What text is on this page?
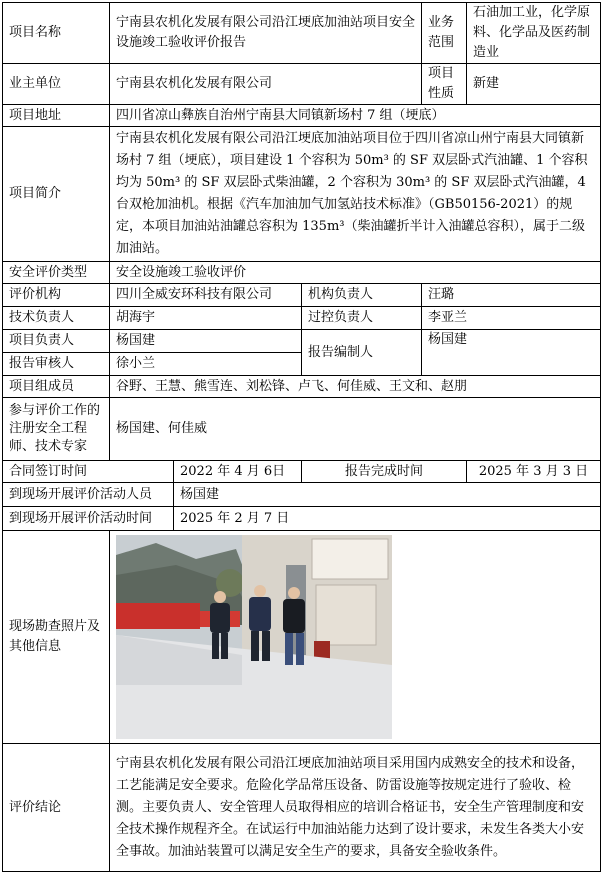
项目名称	宁南县农机化发展有限公司沿江埂底加油站项目安全设施竣工验收评价报告			业务范围	石油加工业，化学原料、化学品及医药制造业
业主单位	宁南县农机化发展有限公司			项目性质	新建
项目地址	四川省凉山彝族自治州宁南县大同镇新场村 7 组（埂底）				
项目简介	宁南县农机化发展有限公司沿江埂底加油站项目位于四川省凉山州宁南县大同镇新场村 7 组（埂底），项目建设 1 个容积为 50m³ 的 SF 双层卧式汽油罐、1 个容积均为 50m³ 的 SF 双层卧式柴油罐，2 个容积为 30m³ 的 SF 双层卧式汽油罐，4 台双枪加油机。根据《汽车加油加气加氢站技术标准》（GB50156-2021）的规定，本项目加油站油罐总容积为 135m³（柴油罐折半计入油罐总容积），属于二级加油站。				
安全评价类型	安全设施竣工验收评价				
评价机构	四川全威安环科技有限公司		机构负责人	汪璐	
技术负责人	胡海宇		过控负责人	李亚兰	
项目负责人	杨国建		报告编制人	杨国建	
报告审核人	徐小兰				
项目组成员	谷野、王慧、熊雪连、刘松锋、卢飞、何佳威、王文和、赵朋				
参与评价工作的注册安全工程师、技术专家	杨国建、何佳威				
合同签订时间		2022 年 4 月 6日	报告完成时间		2025 年 3 月 3 日
到现场开展评价活动人员		杨国建			
到现场开展评价活动时间		2025 年 2 月 7 日			
现场勘查照片及其他信息	

评价结论	宁南县农机化发展有限公司沿江埂底加油站项目采用国内成熟安全的技术和设备，工艺能满足安全要求。危险化学品常压设备、防雷设施等按规定进行了验收、检测。主要负责人、安全管理人员取得相应的培训合格证书，安全生产管理制度和安全技术操作规程齐全。在试运行中加油站能力达到了设计要求，未发生各类大小安全事故。加油站装置可以满足安全生产的要求，具备安全验收条件。				
